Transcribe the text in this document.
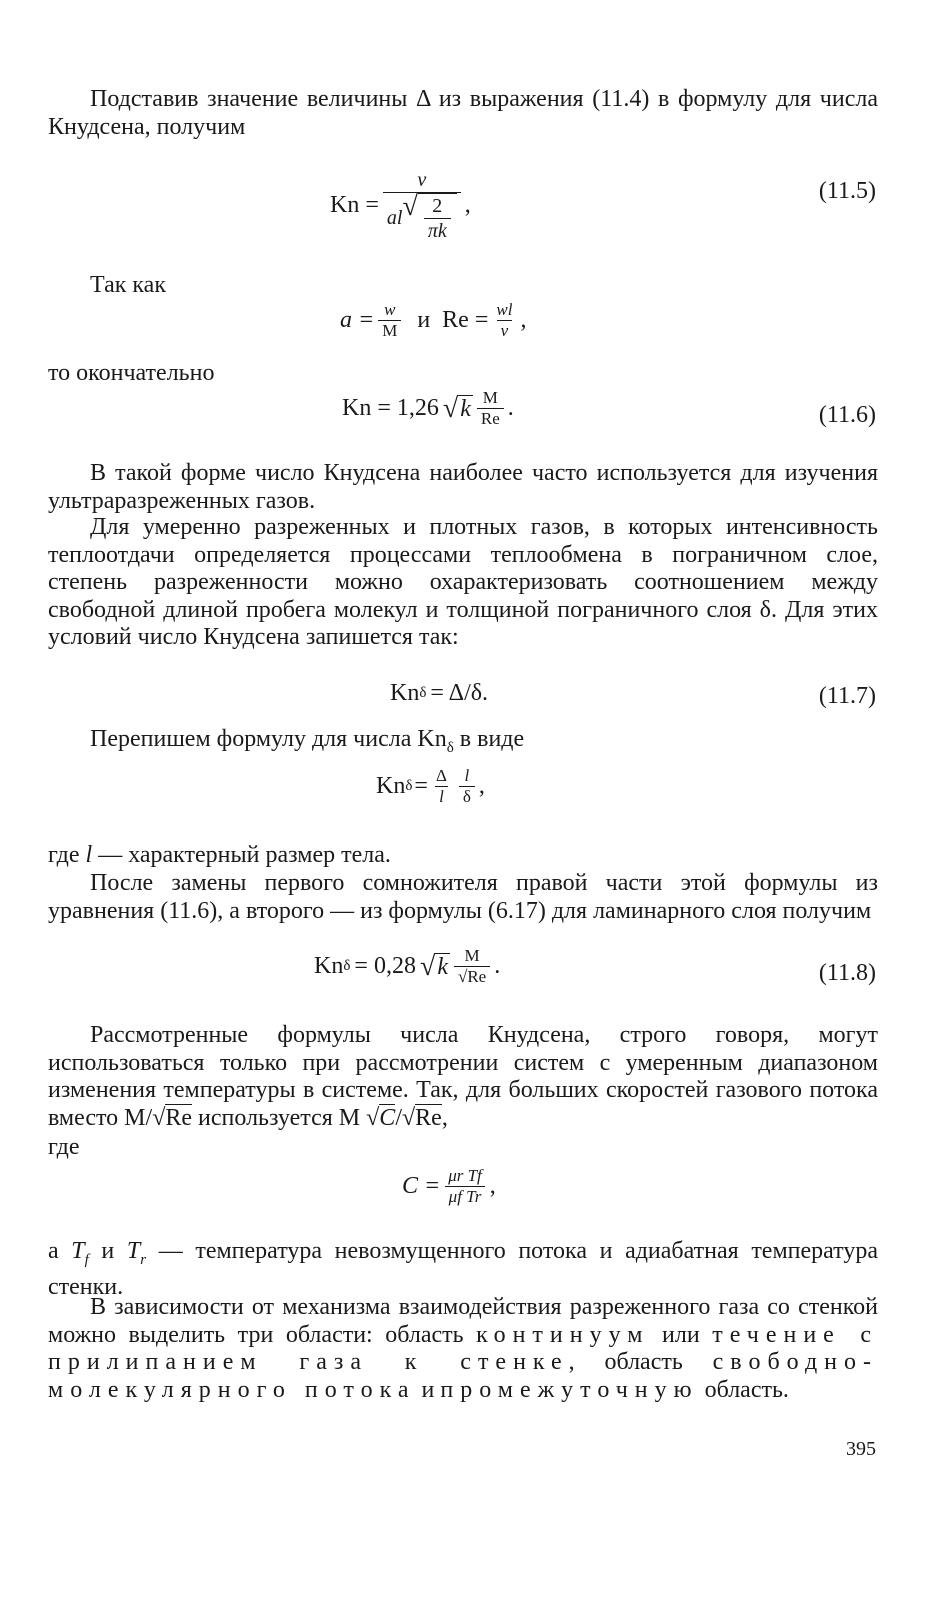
Подставив значение величины Δ из выражения (11.4) в формулу для числа Кнудсена, получим

Kn =
ν
al √ $\frac{2}{\pi k}$ ,
(11.5)

Так как

$a = \frac{w}{M}$ и $Re = \frac{wl}{\nu}$ ,

то окончательно

Kn = 1,26 √ k $\frac{M}{Re}$ .	(11.6)

В такой форме число Кнудсена наиболее часто используется для изучения ультраразреженных газов.

Для умеренно разреженных и плотных газов, в которых интенсивность теплоотдачи определяется процессами теплообмена в пограничном слое, степень разреженности можно охарактеризовать соотношением между свободной длиной пробега молекул и толщиной пограничного слоя δ. Для этих условий число Кнудсена запишется так:

Kn δ = Δ/δ.	(11.7)

Перепишем формулу для числа $Kn_\delta$ в виде

Kn $\delta = \frac{\Delta}{l} \frac{l}{\delta}$ ,

где l — характерный размер тела.

После замены первого сомножителя правой части этой формулы из уравнения (11.6), а второго — из формулы (6.17) для ламинарного слоя получим

Kn δ = 0,28 √ k $\frac{M}{√Re}$ .	(11.8)

Рассмотренные формулы числа Кнудсена, строго говоря, могут использоваться только при рассмотрении систем с умеренным диапазоном изменения температуры в системе. Так, для больших скоростей газового потока вместо M/√Re используется M √C/√Re,

где

$C = \frac{\text{μr Tf}}{\text{μf Tr}}$ ,

а $T_f$ и $T_r$ — температура невозмущенного потока и адиабатная температура стенки.

В зависимости от механизма взаимодействия разреженного газа со стенкой можно выделить три области: область континуум или течение с прилипанием газа к стенке, область свободно-молекулярного потока и промежуточную область.

395
